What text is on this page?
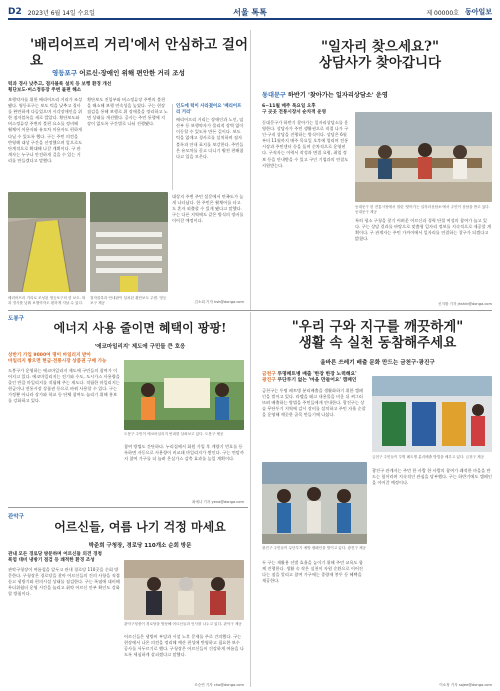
D2 2023년 6월 14일 수요일	서울 톡톡	제 00000호 동아일보
'배리어프리 거리'에서 안심하고 걸어요
영등포구 어르신·장애인 위해 편안한 거리 조성
턱과 경사 낮추고, 점자블록 설치 등 보행 환경 개선
횡단보도·버스정류장 주변 불편 해소
보행약자를 위한 배리어프리 거리가 조성됐다. 영등포구는 보도 턱을 낮추고 경사를 완만하게 다듬었으며 시각장애인을 위한 점자블록을 새로 깔았다. 횡단보도와 버스정류장 주변의 불편 요소를 정비해 휠체어 이용자와 유모차 이용자도 편하게 다닐 수 있도록 했다. 구는 주민 의견을 반영해 대상 구간을 선정했으며 앞으로도 단계적으로 확대해 나갈 계획이다. 구 관계자는 누구나 안전하게 걸을 수 있는 거리를 만들겠다고 말했다.
횡단보도 진입부와 버스정류장 주변의 불편을 해소해 보행 연속성을 높였다. 구는 현장 점검을 통해 보행로 위 장애물을 정리하고 노면 상태를 개선했다. 공사는 주민 통행에 지장이 없도록 구간별로 나눠 진행됐다.
인도에 턱이 사라졌어요 '배리어프리 거리'
배리어프리 거리는 장애인과 노인, 임산부 등 보행약자가 물리적 장벽 없이 이동할 수 있도록 만든 길이다. 보도 턱을 없애고 경사로를 설치하며 점자블록과 안내 표지를 보강한다. 주민들은 유모차를 끌고 다니기 훨씬 편해졌다고 입을 모은다.
대상지 주변 주민 설문에서 만족도가 높게 나타났다. 한 주민은 휠체어를 타고도 혼자 외출할 수 있게 됐다고 말했다. 구는 다른 지역에도 같은 방식의 정비를 이어갈 예정이다.
배리어프리 거리로 조성된 영등포구의 한 보도. 턱과 경사를 낮춰 보행약자도 편하게 지날 수 있다.
점자블록과 안내판이 설치된 횡단보도 주변. 영등포구 제공	김소희 기자 ksh@donga.com
"일자리 찾으세요?"
상담사가 찾아갑니다
동대문구 하반기 '찾아가는 일자리상담소' 운영
6~11월 매주 목요일 오후
구 곳곳 전통시장서 순차적 운영
동대문구가 하반기 찾아가는 일자리상담소를 운영한다. 상담사가 주민 생활권으로 직접 나가 구인·구직 상담을 진행하는 방식이다. 상담은 6월부터 11월까지 매주 목요일 오후에 열리며 전통시장과 주민센터 등을 돌며 순차적으로 운영된다. 구직자는 이력서 작성과 면접 요령, 취업 정보 등을 안내받을 수 있고 구인 기업과의 연결도 지원받는다.
동대문구 한 전통시장에서 열린 '찾아가는 일자리상담소'에서 주민이 상담을 받고 있다. 동대문구 제공
특히 평소 구청을 찾기 어려운 어르신과 경력 단절 여성의 참여가 늘고 있다. 구는 상담 결과를 바탕으로 맞춤형 일자리 정보를 지속적으로 제공할 계획이다. 구 관계자는 주민 가까이에서 일자리를 연결하는 창구가 되겠다고 밝혔다.
신지환 기자 jhshin@donga.com
도봉구
에너지 사용 줄이면 혜택이 팡팡!
'에코마일리지' 제도에 구민들 큰 호응
상반기 가입 9000여 명이 마일리지 받아
마일리지 쌓으면 현금·전통시장 상품권 구매 가능
도봉구가 운영하는 에코마일리지 제도에 구민들의 참여가 이어지고 있다. 에코마일리지는 전기와 수도, 도시가스 사용량을 줄인 만큼 마일리지를 적립해 주는 제도다. 적립한 마일리지는 현금이나 전통시장 상품권 등으로 바꿔 사용할 수 있다. 구는 가정뿐 아니라 상가와 학교 등 단체 참여도 늘리기 위해 홍보를 강화하고 있다.
도봉구 주민이 에코마일리지 안내를 살펴보고 있다. 도봉구 제공
참여 방법도 간단하다. 누리집에서 회원 가입 후 계량기 번호를 등록하면 자동으로 사용량이 비교돼 마일리지가 쌓인다. 구는 연말까지 참여 가구를 더 늘려 온실가스 감축 효과를 높일 계획이다.
최예나 기자 yena@donga.com
관악구
어르신들, 여름 나기 걱정 마세요
박준희 구청장, 경로당 110개소 순회 방문
관내 모든 경로당 방문하며 어르신들 의견 경청
폭염 대비 냉방기 점검 등 쾌적한 환경 조성
관악구청장이 여름철을 앞두고 관내 경로당 110곳을 순회 방문한다. 구청장은 경로당을 찾아 어르신들의 건의 사항을 직접 듣고 냉방기와 편의시설 상태를 점검한다. 구는 폭염에 대비해 무더위쉼터 운영 시간을 늘리고 취약 어르신 안부 확인도 강화할 방침이다.
관악구청장이 경로당을 방문해 어르신들과 인사를 나누고 있다. 관악구 제공
어르신들은 냉방비 부담과 시설 노후 문제를 주로 건의했다. 구는 현장에서 나온 의견을 정리해 예산 편성에 반영하고 필요한 보수 공사를 서두르기로 했다. 구청장은 어르신들이 건강하게 여름을 나도록 세심하게 살피겠다고 말했다.
조승연 기자 cho@donga.com
"우리 구와 지구를 깨끗하게"
생활 속 실천 동참해주세요
올바른 쓰레기 배출 문화 만드는 금천구·광진구
금천구 투명페트병 배출 '한장 한장 노력해요'
광진구 무단투기 없는 '마을 만들어요' 캠페인
금천구는 투명 페트병 분리배출을 생활화하기 위한 캠페인을 벌이고 있다. 라벨을 떼고 내용물을 비운 뒤 찌그러뜨려 배출하는 방법을 주민들에게 안내한다. 광진구는 상습 무단투기 지역에 감시 장비를 설치하고 주민 자율 순찰을 운영해 깨끗한 골목 만들기에 나섰다.
금천구 주민들이 투명 페트병 분리배출 방법을 배우고 있다. 금천구 제공
광진구 주민들이 무단투기 예방 캠페인을 벌이고 있다. 광진구 제공
두 구는 재활용 선별 효율을 높이기 위해 주민 교육도 함께 진행한다. 생활 속 작은 실천이 자원 순환으로 이어진다는 점을 알리고 참여 가구에는 종량제 봉투 등 혜택을 제공한다.
광진구 관계자는 주민 한 사람 한 사람의 참여가 쾌적한 마을을 만드는 힘이라며 지속적인 관심을 당부했다. 구는 하반기에도 캠페인을 이어갈 예정이다.
이소정 기자 sojee@donga.com
